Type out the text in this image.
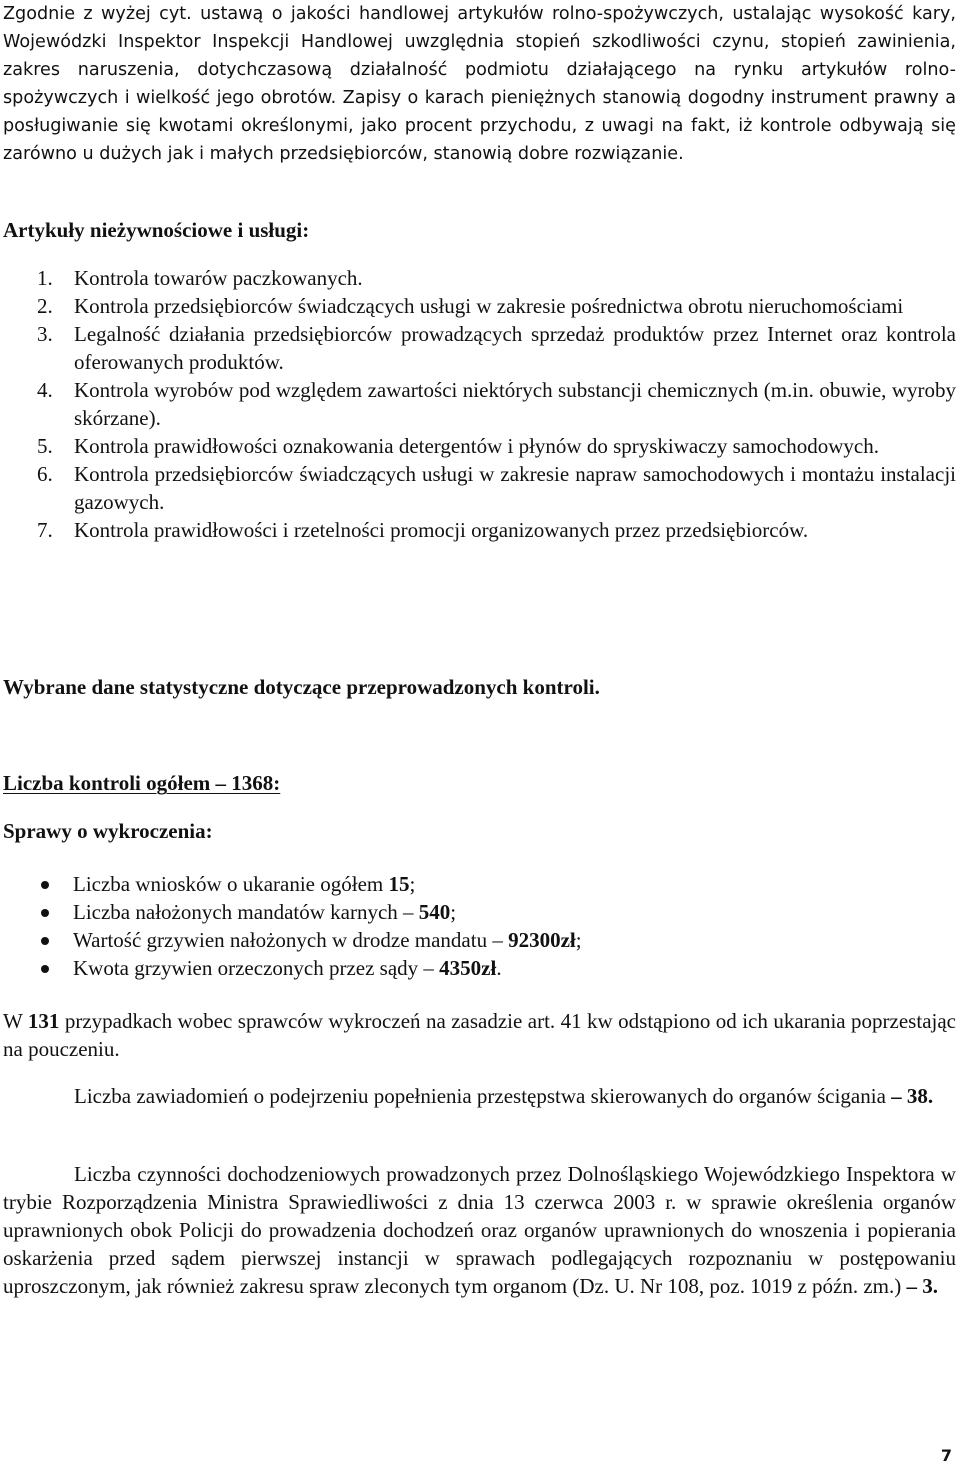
Zgodnie z wyżej cyt. ustawą o jakości handlowej artykułów rolno-spożywczych, ustalając wysokość kary, Wojewódzki Inspektor Inspekcji Handlowej uwzględnia stopień szkodliwości czynu, stopień zawinienia, zakres naruszenia, dotychczasową działalność podmiotu działającego na rynku artykułów rolno-spożywczych i wielkość jego obrotów. Zapisy o karach pieniężnych stanowią dogodny instrument prawny a posługiwanie się kwotami określonymi, jako procent przychodu, z uwagi na fakt, iż kontrole odbywają się zarówno u dużych jak i małych przedsiębiorców, stanowią dobre rozwiązanie.

Artykuły nieżywnościowe i usługi:

1. Kontrola towarów paczkowanych.
2. Kontrola przedsiębiorców świadczących usługi w zakresie pośrednictwa obrotu nieruchomościami
3. Legalność działania przedsiębiorców prowadzących sprzedaż produktów przez Internet oraz kontrola oferowanych produktów.
4. Kontrola wyrobów pod względem zawartości niektórych substancji chemicznych (m.in. obuwie, wyroby skórzane).
5. Kontrola prawidłowości oznakowania detergentów i płynów do spryskiwaczy samochodowych.
6. Kontrola przedsiębiorców świadczących usługi w zakresie napraw samochodowych i montażu instalacji gazowych.
7. Kontrola prawidłowości i rzetelności promocji organizowanych przez przedsiębiorców.

Wybrane dane statystyczne dotyczące przeprowadzonych kontroli.

Liczba kontroli ogółem – 1368:

Sprawy o wykroczenia:

Liczba wniosków o ukaranie ogółem 15;
Liczba nałożonych mandatów karnych – 540;
Wartość grzywien nałożonych w drodze mandatu – 92300zł;
Kwota grzywien orzeczonych przez sądy – 4350zł.

W 131 przypadkach wobec sprawców wykroczeń na zasadzie art. 41 kw odstąpiono od ich ukarania poprzestając na pouczeniu.

Liczba zawiadomień o podejrzeniu popełnienia przestępstwa skierowanych do organów ścigania – 38.

Liczba czynności dochodzeniowych prowadzonych przez Dolnośląskiego Wojewódzkiego Inspektora w trybie Rozporządzenia Ministra Sprawiedliwości z dnia 13 czerwca 2003 r. w sprawie określenia organów uprawnionych obok Policji do prowadzenia dochodzeń oraz organów uprawnionych do wnoszenia i popierania oskarżenia przed sądem pierwszej instancji w sprawach podlegających rozpoznaniu w postępowaniu uproszczonym, jak również zakresu spraw zleconych tym organom (Dz. U. Nr 108, poz. 1019 z późn. zm.) – 3.

7
